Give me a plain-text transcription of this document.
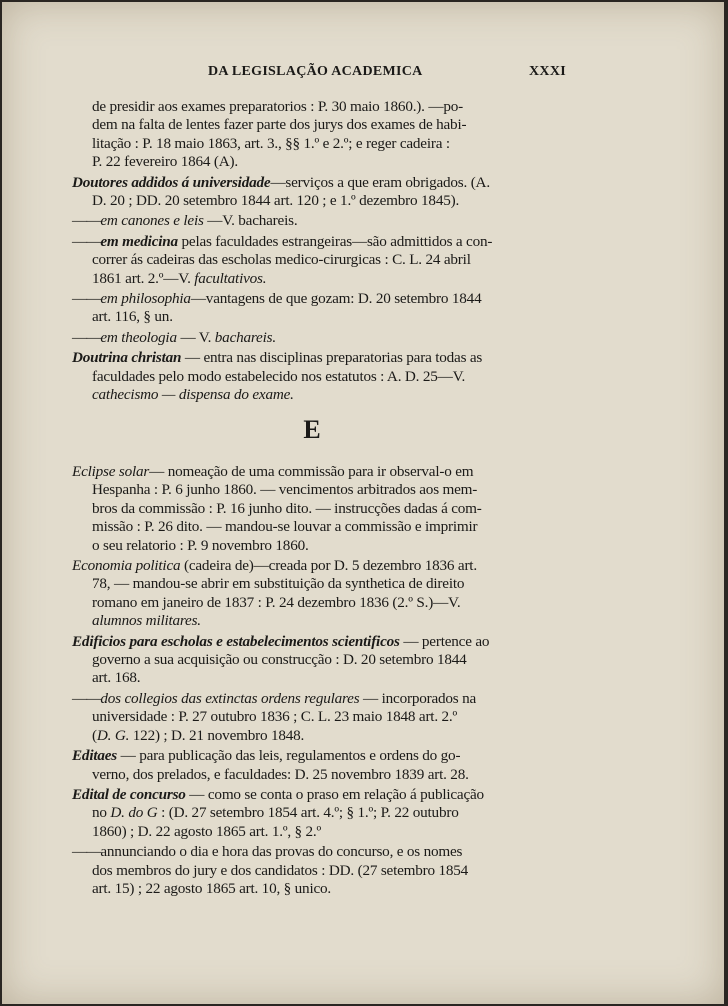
DA LEGISLAÇÃO ACADEMICA	XXXI
de presidir aos exames preparatorios : P. 30 maio 1860.). —po-
dem na falta de lentes fazer parte dos jurys dos exames de habi-
litação : P. 18 maio 1863, art. 3., §§ 1.º e 2.º; e reger cadeira :
P. 22 fevereiro 1864 (A).
Doutores addidos á universidade—serviços a que eram obrigados. (A.
D. 20 ; DD. 20 setembro 1844 art. 120 ; e 1.º dezembro 1845).
——em canones e leis —V. bachareis.
——em medicina pelas faculdades estrangeiras—são admittidos a con-
correr ás cadeiras das escholas medico-cirurgicas : C. L. 24 abril
1861 art. 2.º—V. facultativos.
——em philosophia—vantagens de que gozam: D. 20 setembro 1844
art. 116, § un.
——em theologia — V. bachareis.
Doutrina christan — entra nas disciplinas preparatorias para todas as
faculdades pelo modo estabelecido nos estatutos : A. D. 25—V.
cathecismo — dispensa do exame.
E
Eclipse solar— nomeação de uma commissão para ir observal-o em
Hespanha : P. 6 junho 1860. — vencimentos arbitrados aos mem-
bros da commissão : P. 16 junho dito. — instrucções dadas á com-
missão : P. 26 dito. — mandou-se louvar a commissão e imprimir
o seu relatorio : P. 9 novembro 1860.
Economia politica (cadeira de)—creada por D. 5 dezembro 1836 art.
78, — mandou-se abrir em substituição da synthetica de direito
romano em janeiro de 1837 : P. 24 dezembro 1836 (2.º S.)—V.
alumnos militares.
Edificios para escholas e estabelecimentos scientificos — pertence ao
governo a sua acquisição ou construcção : D. 20 setembro 1844
art. 168.
——dos collegios das extinctas ordens regulares — incorporados na
universidade : P. 27 outubro 1836 ; C. L. 23 maio 1848 art. 2.º
(D. G. 122) ; D. 21 novembro 1848.
Editaes — para publicação das leis, regulamentos e ordens do go-
verno, dos prelados, e faculdades: D. 25 novembro 1839 art. 28.
Edital de concurso — como se conta o praso em relação á publicação
no D. do G : (D. 27 setembro 1854 art. 4.º; § 1.º; P. 22 outubro
1860) ; D. 22 agosto 1865 art. 1.º, § 2.º
——annunciando o dia e hora das provas do concurso, e os nomes
dos membros do jury e dos candidatos : DD. (27 setembro 1854
art. 15) ; 22 agosto 1865 art. 10, § unico.
